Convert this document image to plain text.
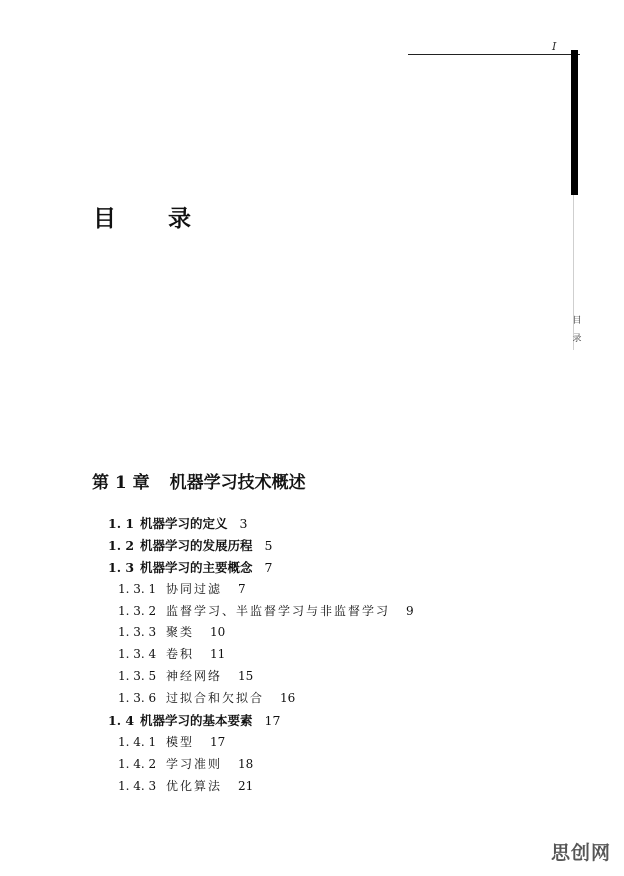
I
目
录
目 录
第 1 章 机器学习技术概述
1. 1 机器学习的定义 3
1. 2 机器学习的发展历程 5
1. 3 机器学习的主要概念 7
1. 3. 1 协同过滤 7
1. 3. 2 监督学习、半监督学习与非监督学习 9
1. 3. 3 聚类 10
1. 3. 4 卷积 11
1. 3. 5 神经网络 15
1. 3. 6 过拟合和欠拟合 16
1. 4 机器学习的基本要素 17
1. 4. 1 模型 17
1. 4. 2 学习准则 18
1. 4. 3 优化算法 21
思创网
